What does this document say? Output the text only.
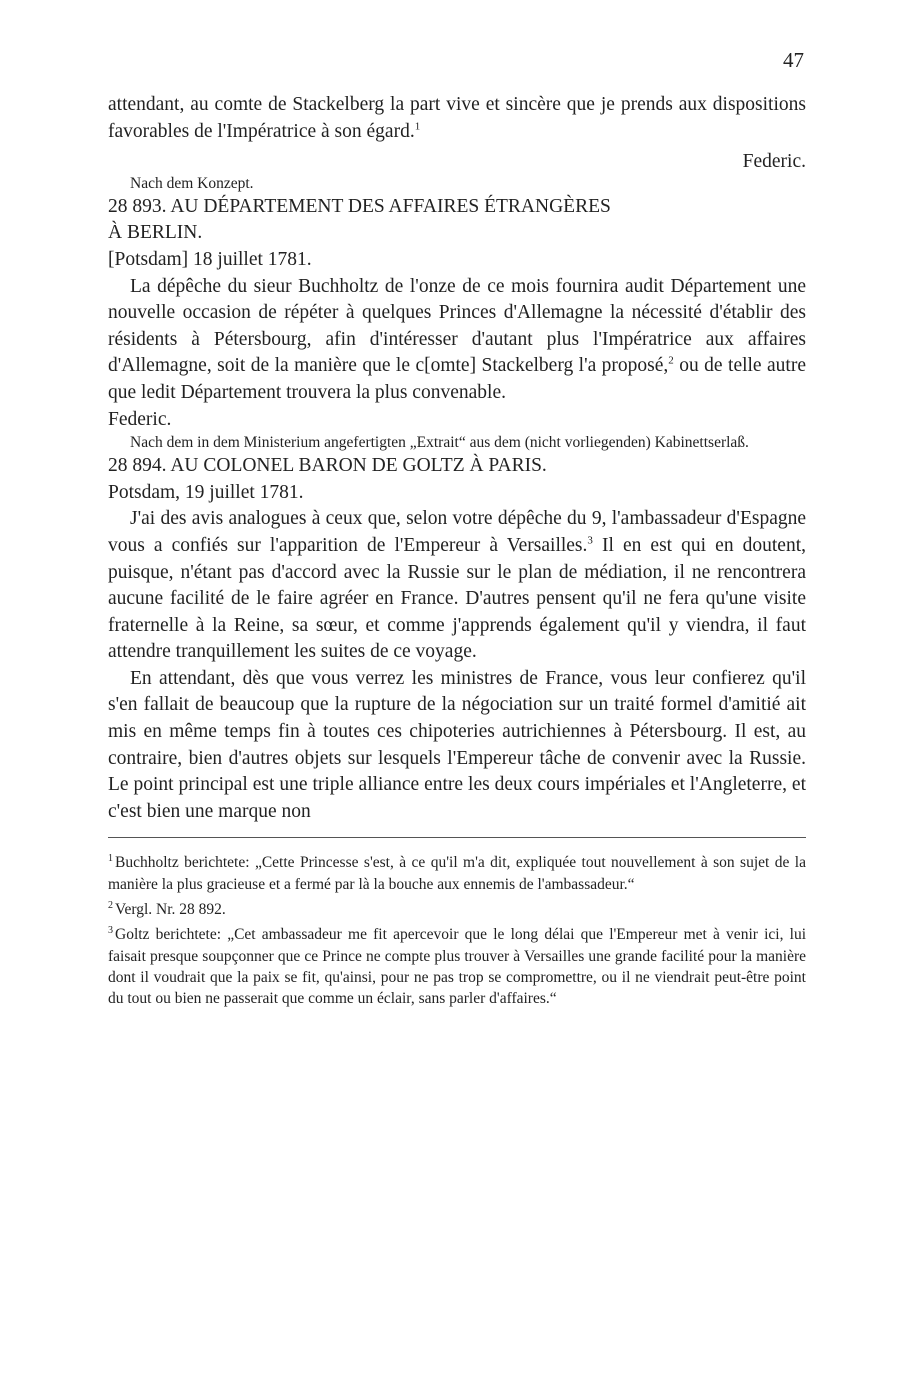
47

attendant, au comte de Stackelberg la part vive et sincère que je prends aux dispositions favorables de l'Impératrice à son égard.$^1$

Nach dem Konzept.

Federic.

28 893. AU DÉPARTEMENT DES AFFAIRES ÉTRANGÈRES

À BERLIN.

[Potsdam] 18 juillet 1781.

La dépêche du sieur Buchholtz de l'onze de ce mois fournira audit Département une nouvelle occasion de répéter à quelques Princes d'Allemagne la nécessité d'établir des résidents à Pétersbourg, afin d'intéresser d'autant plus l'Impératrice aux affaires d'Allemagne, soit de la manière que le c[omte] Stackelberg l'a proposé,$^2$ ou de telle autre que ledit Département trouvera la plus convenable.

Federic.

Nach dem in dem Ministerium angefertigten „Extrait“ aus dem (nicht vorliegenden) Kabinettserlaß.

28 894. AU COLONEL BARON DE GOLTZ À PARIS.

Potsdam, 19 juillet 1781.

J'ai des avis analogues à ceux que, selon votre dépêche du 9, l'ambassadeur d'Espagne vous a confiés sur l'apparition de l'Empereur à Versailles.$^3$ Il en est qui en doutent, puisque, n'étant pas d'accord avec la Russie sur le plan de médiation, il ne rencontrera aucune facilité de le faire agréer en France. D'autres pensent qu'il ne fera qu'une visite fraternelle à la Reine, sa sœur, et comme j'apprends également qu'il y viendra, il faut attendre tranquillement les suites de ce voyage.

En attendant, dès que vous verrez les ministres de France, vous leur confierez qu'il s'en fallait de beaucoup que la rupture de la négociation sur un traité formel d'amitié ait mis en même temps fin à toutes ces chipoteries autrichiennes à Pétersbourg. Il est, au contraire, bien d'autres objets sur lesquels l'Empereur tâche de convenir avec la Russie. Le point principal est une triple alliance entre les deux cours impériales et l'Angleterre, et c'est bien une marque non

$^1$ Buchholtz berichtete: „Cette Princesse s'est, à ce qu'il m'a dit, expliquée tout nouvellement à son sujet de la manière la plus gracieuse et a fermé par là la bouche aux ennemis de l'ambassadeur.“

$^2$ Vergl. Nr. 28 892.

$^3$ Goltz berichtete: „Cet ambassadeur me fit apercevoir que le long délai que l'Empereur met à venir ici, lui faisait presque soupçonner que ce Prince ne compte plus trouver à Versailles une grande facilité pour la manière dont il voudrait que la paix se fit, qu'ainsi, pour ne pas trop se compromettre, ou il ne viendrait peut-être point du tout ou bien ne passerait que comme un éclair, sans parler d'affaires.“
